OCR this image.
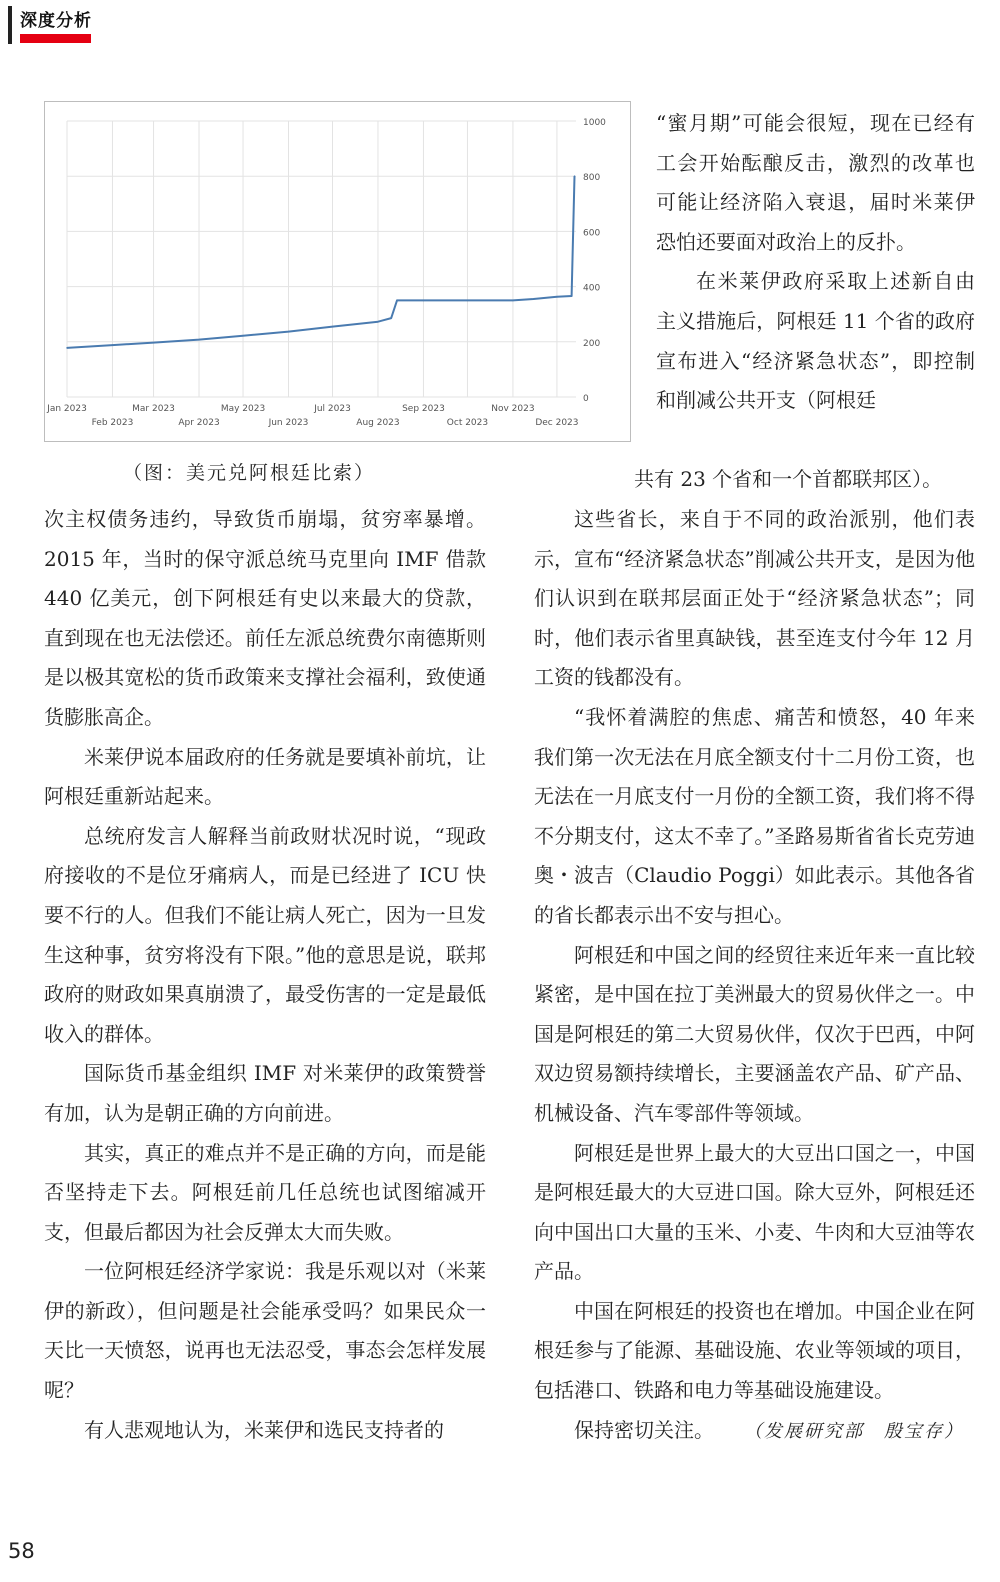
深度分析
1000
800
600
400
200
0
Jan 2023	Mar 2023	May 2023	Jul 2023	Sep 2023	Nov 2023
Feb 2023	Apr 2023	Jun 2023	Aug 2023	Oct 2023	Dec 2023
（图：美元兑阿根廷比索）

“蜜月期”可能会很短，现在已经有工会开始酝酿反击，激烈的改革也可能让经济陷入衰退，届时米莱伊恐怕还要面对政治上的反扑。

在米莱伊政府采取上述新自由主义措施后，阿根廷 11 个省的政府宣布进入“经济紧急状态”，即控制和削减公共开支（阿根廷

共有 23 个省和一个首都联邦区）。

次主权债务违约，导致货币崩塌，贫穷率暴增。2015 年，当时的保守派总统马克里向 IMF 借款 440 亿美元，创下阿根廷有史以来最大的贷款，直到现在也无法偿还。前任左派总统费尔南德斯则是以极其宽松的货币政策来支撑社会福利，致使通货膨胀高企。

米莱伊说本届政府的任务就是要填补前坑，让阿根廷重新站起来。

总统府发言人解释当前政财状况时说，“现政府接收的不是位牙痛病人，而是已经进了 ICU 快要不行的人。但我们不能让病人死亡，因为一旦发生这种事，贫穷将没有下限。”他的意思是说，联邦政府的财政如果真崩溃了，最受伤害的一定是最低收入的群体。

国际货币基金组织 IMF 对米莱伊的政策赞誉有加，认为是朝正确的方向前进。

其实，真正的难点并不是正确的方向，而是能否坚持走下去。阿根廷前几任总统也试图缩减开支，但最后都因为社会反弹太大而失败。

一位阿根廷经济学家说：我是乐观以对（米莱伊的新政），但问题是社会能承受吗？如果民众一天比一天愤怒，说再也无法忍受，事态会怎样发展呢？

有人悲观地认为，米莱伊和选民支持者的

这些省长，来自于不同的政治派别，他们表示，宣布“经济紧急状态”削减公共开支，是因为他们认识到在联邦层面正处于“经济紧急状态”；同时，他们表示省里真缺钱，甚至连支付今年 12 月工资的钱都没有。

“我怀着满腔的焦虑、痛苦和愤怒，40 年来我们第一次无法在月底全额支付十二月份工资，也无法在一月底支付一月份的全额工资，我们将不得不分期支付，这太不幸了。”圣路易斯省省长克劳迪奥・波吉（Claudio Poggi）如此表示。其他各省的省长都表示出不安与担心。

阿根廷和中国之间的经贸往来近年来一直比较紧密，是中国在拉丁美洲最大的贸易伙伴之一。中国是阿根廷的第二大贸易伙伴，仅次于巴西，中阿双边贸易额持续增长，主要涵盖农产品、矿产品、机械设备、汽车零部件等领域。

阿根廷是世界上最大的大豆出口国之一，中国是阿根廷最大的大豆进口国。除大豆外，阿根廷还向中国出口大量的玉米、小麦、牛肉和大豆油等农产品。

中国在阿根廷的投资也在增加。中国企业在阿根廷参与了能源、基础设施、农业等领域的项目，包括港口、铁路和电力等基础设施建设。

保持密切关注。 （发展研究部　殷宝存）

58
